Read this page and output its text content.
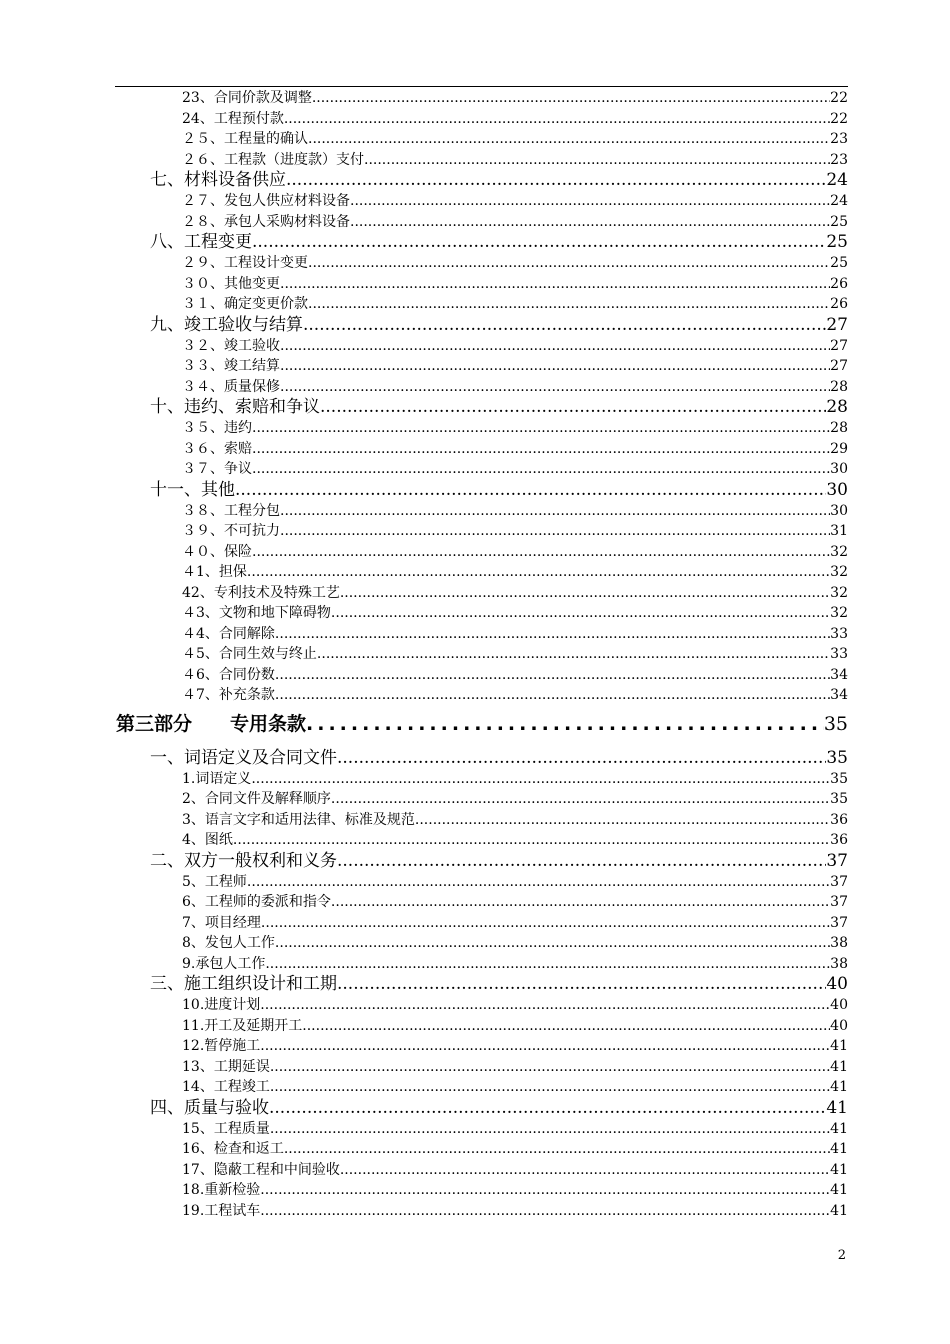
23、合同价款及调整 .....	22
24、工程预付款 .....	22
２５、工程量的确认 .....	23
２６、工程款（进度款）支付 .....	23
七、材料设备供应 .....	24
２７、发包人供应材料设备 .....	24
２８、承包人采购材料设备 .....	25
八、工程变更 .....	25
２９、工程设计变更 .....	25
３０、其他变更 .....	26
３１、确定变更价款 .....	26
九、竣工验收与结算 .....	27
３２、竣工验收 .....	27
３３、竣工结算 .....	27
３４、质量保修 .....	28
十、违约、索赔和争议 .....	28
３５、违约 .....	28
３６、索赔 .....	29
３７、争议 .....	30
十一、其他 .....	30
３８、工程分包 .....	30
３９、不可抗力 .....	31
４０、保险 .....	32
４1、担保 .....	32
42、专利技术及特殊工艺 .....	32
４3、文物和地下障碍物 .....	32
４4、合同解除 .....	33
４5、合同生效与终止 .....	33
４6、合同份数 .....	34
４7、补充条款 .....	34
第三部分　　专用条款 .....	35
一、词语定义及合同文件 .....	35
1.词语定义 .....	35
2、合同文件及解释顺序 .....	35
3、语言文字和适用法律、标准及规范 .....	36
4、图纸 .....	36
二、双方一般权利和义务 .....	37
5、工程师 .....	37
6、工程师的委派和指令 .....	37
7、项目经理 .....	37
8、发包人工作 .....	38
9.承包人工作 .....	38
三、施工组织设计和工期 .....	40
10.进度计划 .....	40
11.开工及延期开工 .....	40
12.暂停施工 .....	41
13、工期延误 .....	41
14、工程竣工 .....	41
四、质量与验收 .....	41
15、工程质量 .....	41
16、检查和返工 .....	41
17、隐蔽工程和中间验收 .....	41
18.重新检验 .....	41
19.工程试车 .....	41
2
